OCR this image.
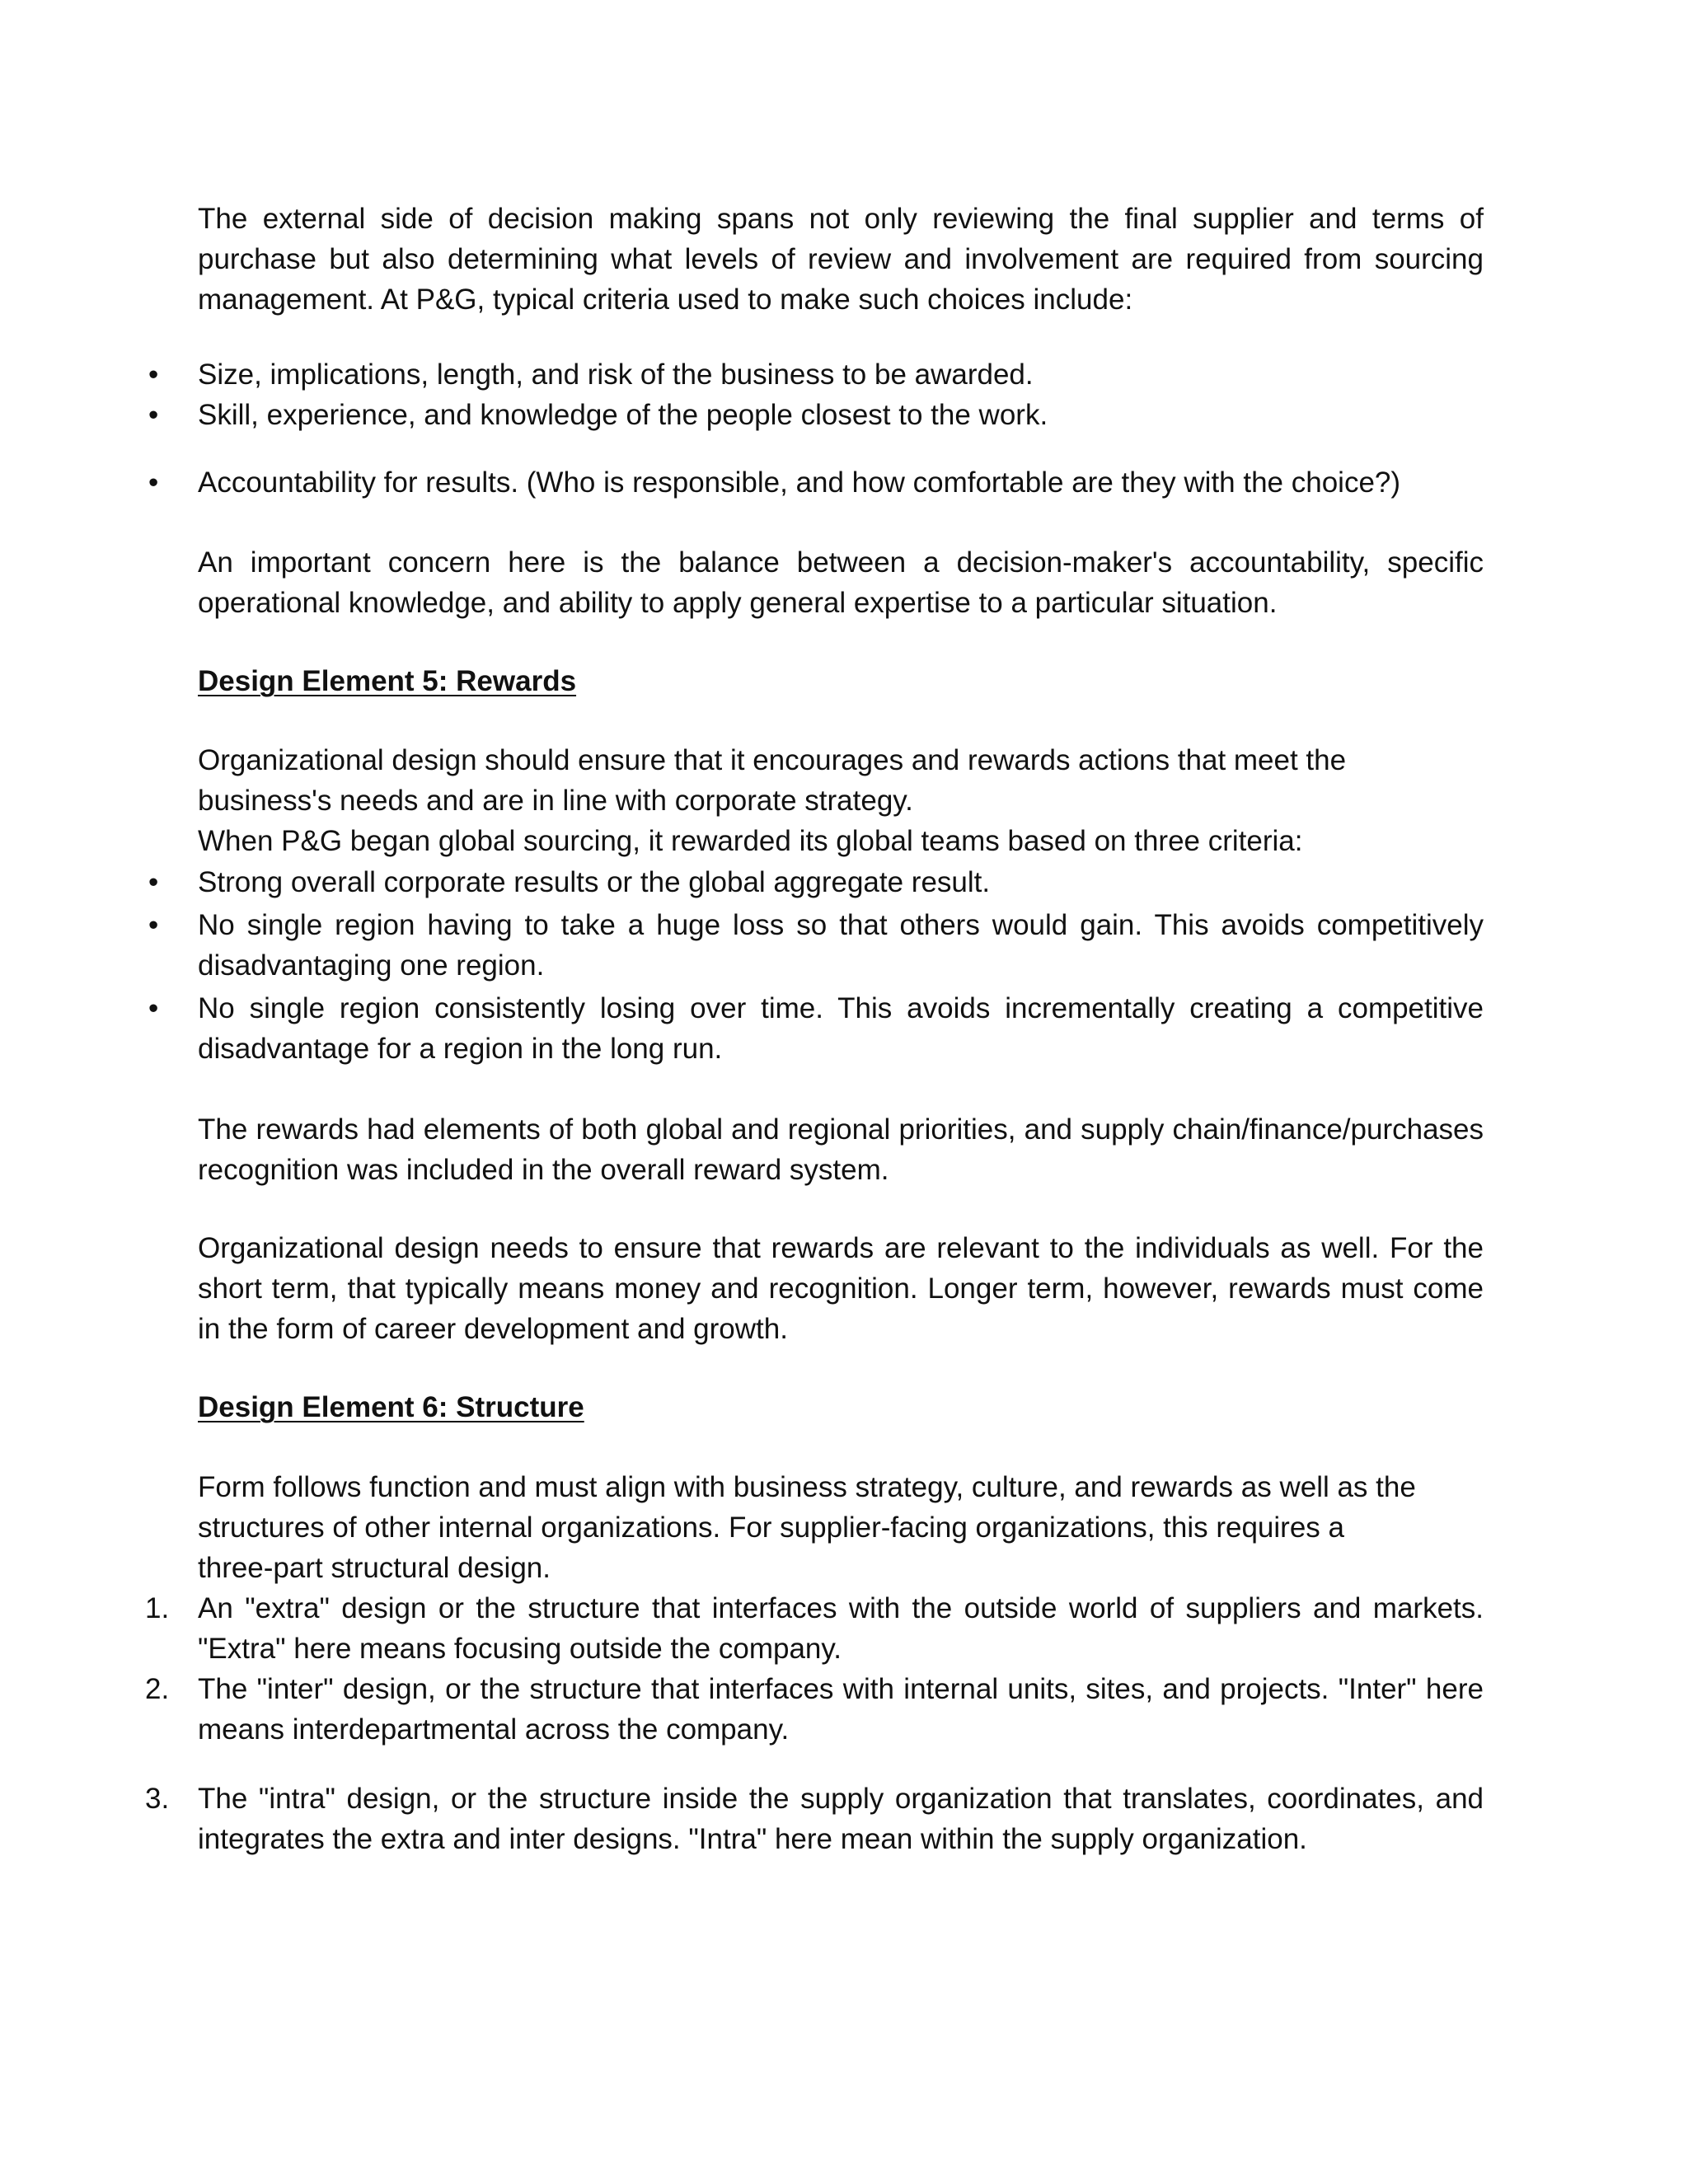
The external side of decision making spans not only reviewing the final supplier and terms of purchase but also determining what levels of review and involvement are required from sourcing management. At P&G, typical criteria used to make such choices include:

•	Size, implications, length, and risk of the business to be awarded.
•	Skill, experience, and knowledge of the people closest to the work.
•	Accountability for results. (Who is responsible, and how comfortable are they with the choice?)

An important concern here is the balance between a decision-maker's accountability, specific operational knowledge, and ability to apply general expertise to a particular situation.

Design Element 5: Rewards

Organizational design should ensure that it encourages and rewards actions that meet the

business's needs and are in line with corporate strategy.

When P&G began global sourcing, it rewarded its global teams based on three criteria:

•	Strong overall corporate results or the global aggregate result.
•	No single region having to take a huge loss so that others would gain. This avoids competitively disadvantaging one region.
•	No single region consistently losing over time. This avoids incrementally creating a competitive disadvantage for a region in the long run.

The rewards had elements of both global and regional priorities, and supply chain/finance/purchases recognition was included in the overall reward system.

Organizational design needs to ensure that rewards are relevant to the individuals as well. For the short term, that typically means money and recognition. Longer term, however, rewards must come in the form of career development and growth.

Design Element 6: Structure

Form follows function and must align with business strategy, culture, and rewards as well as the

structures of other internal organizations. For supplier-facing organizations, this requires a

three-part structural design.

1. An "extra" design or the structure that interfaces with the outside world of suppliers and markets. "Extra" here means focusing outside the company.
2. The "inter" design, or the structure that interfaces with internal units, sites, and projects. "Inter" here means interdepartmental across the company.
3. The "intra" design, or the structure inside the supply organization that translates, coordinates, and integrates the extra and inter designs. "Intra" here mean within the supply organization.
